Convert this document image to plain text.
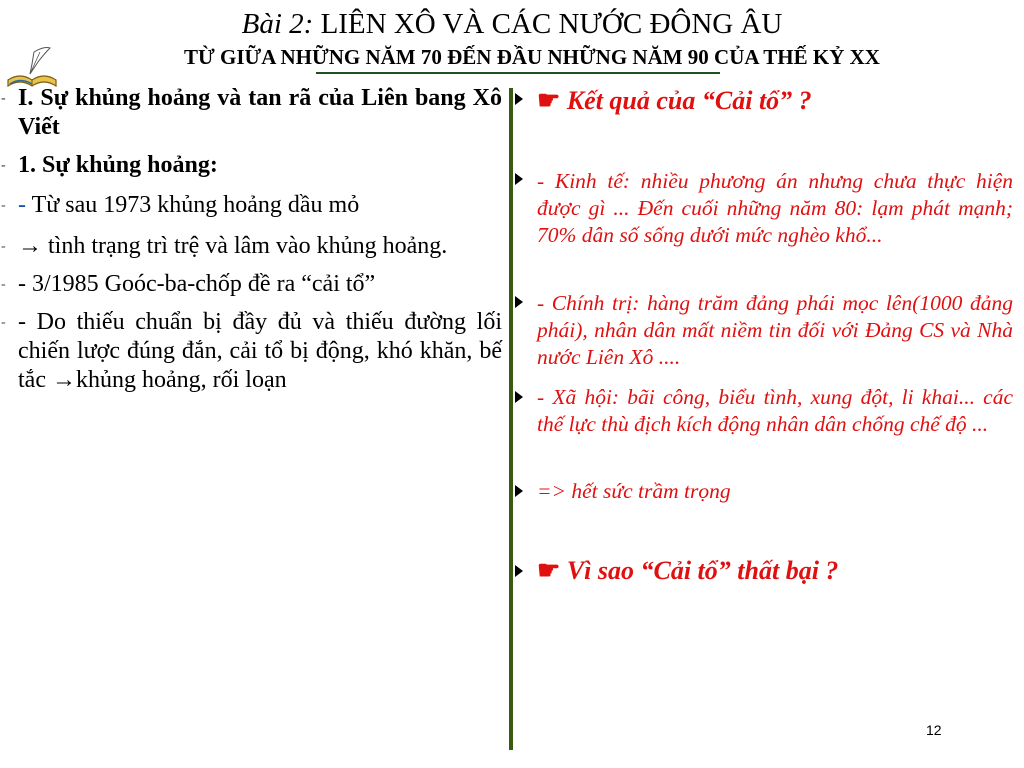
Bài 2: LIÊN XÔ VÀ CÁC NƯỚC ĐÔNG ÂU
TỪ GIỮA NHỮNG NĂM 70 ĐẾN ĐẦU NHỮNG NĂM 90 CỦA THẾ KỶ XX

- I. Sự khủng hoảng và tan rã của Liên bang Xô Viết

- 1. Sự khủng hoảng:

- - Từ sau 1973 khủng hoảng dầu mỏ

- → tình trạng trì trệ và lâm vào khủng hoảng.

- - 3/1985 Goóc-ba-chốp đề ra “cải tổ”

- - Do thiếu chuẩn bị đầy đủ và thiếu đường lối chiến lược đúng đắn, cải tổ bị động, khó khăn, bế tắc →khủng hoảng, rối loạn

☛ Kết quả của “Cải tổ” ?
- Kinh tế: nhiều phương án nhưng chưa thực hiện được gì ... Đến cuối những năm 80: lạm phát mạnh; 70% dân số sống dưới mức nghèo khổ...
- Chính trị: hàng trăm đảng phái mọc lên(1000 đảng phái), nhân dân mất niềm tin đối với Đảng CS và Nhà nước Liên Xô ....
- Xã hội: bãi công, biểu tình, xung đột, li khai... các thế lực thù địch kích động nhân dân chống chế độ ...
=> hết sức trầm trọng
☛ Vì sao “Cải tổ” thất bại ?
12
